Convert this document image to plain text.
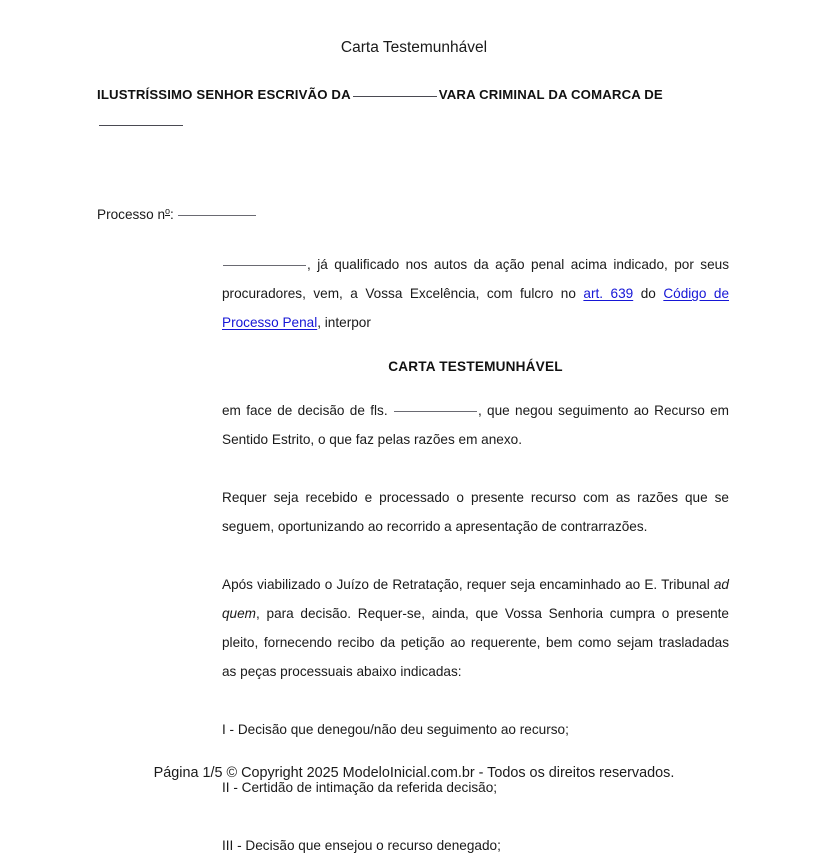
Carta Testemunhável
ILUSTRÍSSIMO SENHOR ESCRIVÃO DA	VARA CRIMINAL DA COMARCA DE
Processo $n^o$:

, já qualificado nos autos da ação penal acima indicado, por seus procuradores, vem, a Vossa Excelência, com fulcro no art. 639 do Código de Processo Penal, interpor

CARTA TESTEMUNHÁVEL

em face de decisão de fls.	, que negou seguimento ao Recurso em Sentido Estrito, o que faz pelas razões em anexo.

Requer seja recebido e processado o presente recurso com as razões que se seguem, oportunizando ao recorrido a apresentação de contrarrazões.

Após viabilizado o Juízo de Retratação, requer seja encaminhado ao E. Tribunal ad quem, para decisão. Requer-se, ainda, que Vossa Senhoria cumpra o presente pleito, fornecendo recibo da petição ao requerente, bem como sejam trasladadas as peças processuais abaixo indicadas:

I - Decisão que denegou/não deu seguimento ao recurso;

II - Certidão de intimação da referida decisão;

III - Decisão que ensejou o recurso denegado;

Página 1/5 © Copyright 2025 ModeloInicial.com.br - Todos os direitos reservados.
